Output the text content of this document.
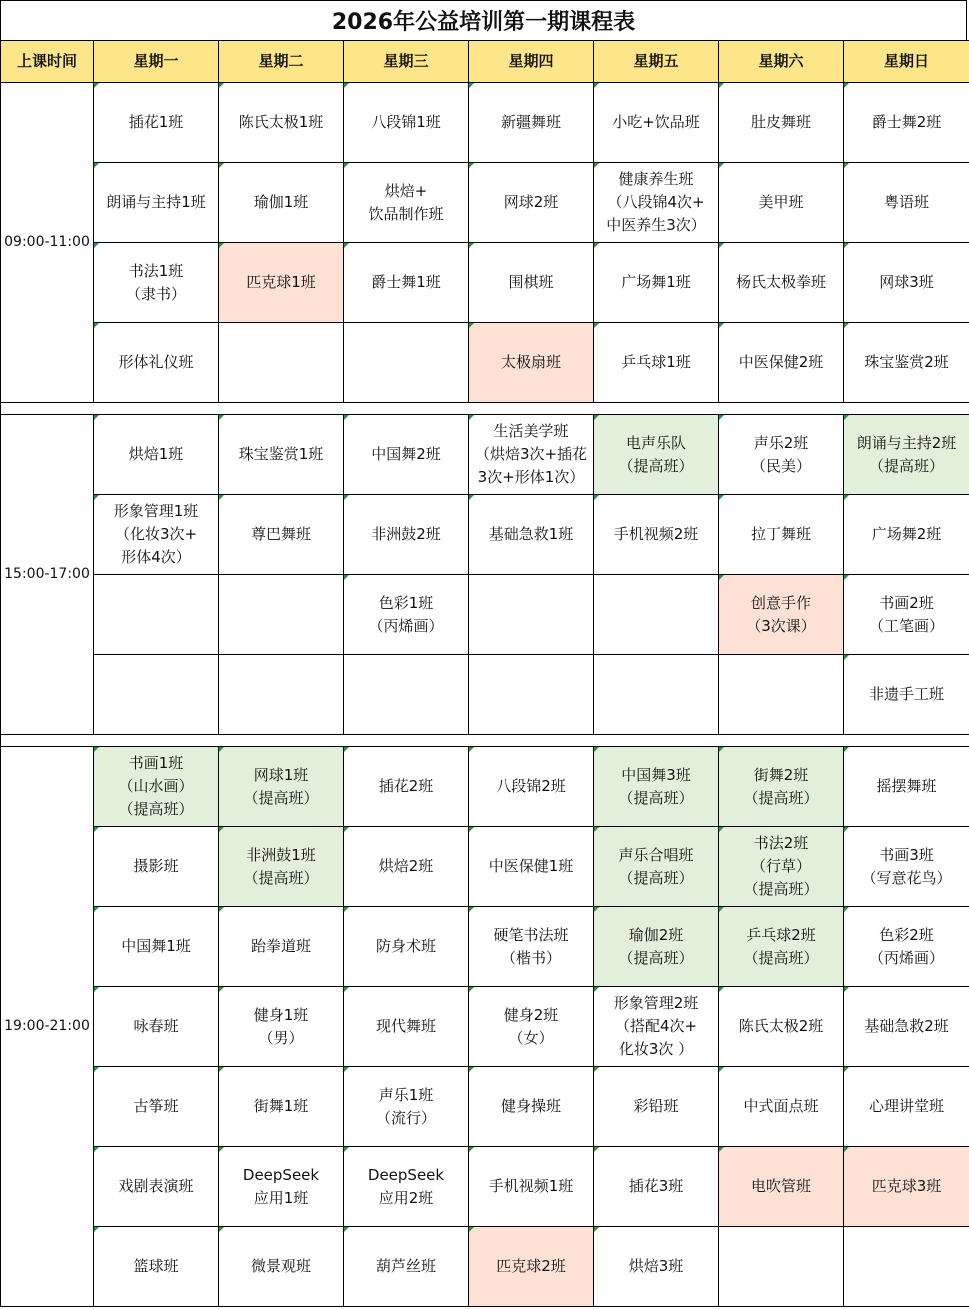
2026年公益培训第一期课程表
上课时间	星期一	星期二	星期三	星期四	星期五	星期六	星期日
09:00-11:00	插花1班	陈氏太极1班	八段锦1班	新疆舞班	小吃+饮品班	肚皮舞班	爵士舞2班

	朗诵与主持1班	瑜伽1班	烘焙+
饮品制作班	网球2班	健康养生班
（八段锦4次+
中医养生3次）	美甲班	粤语班

	书法1班
（隶书）	匹克球1班	爵士舞1班	围棋班	广场舞1班	杨氏太极拳班	网球3班

	形体礼仪班			太极扇班	乒乓球1班	中医保健2班	珠宝鉴赏2班

15:00-17:00	烘焙1班	珠宝鉴赏1班	中国舞2班	生活美学班
（烘焙3次+插花
3次+形体1次）	电声乐队
（提高班）	声乐2班
（民美）	朗诵与主持2班
（提高班）

	形象管理1班
（化妆3次+
形体4次）	尊巴舞班	非洲鼓2班	基础急救1班	手机视频2班	拉丁舞班	广场舞2班

			色彩1班
（丙烯画）			创意手作
（3次课）	书画2班
（工笔画）

							非遗手工班

19:00-21:00	书画1班
（山水画）
（提高班）	网球1班
（提高班）	插花2班	八段锦2班	中国舞3班
（提高班）	街舞2班
（提高班）	摇摆舞班

	摄影班	非洲鼓1班
（提高班）	烘焙2班	中医保健1班	声乐合唱班
（提高班）	书法2班
（行草）
（提高班）	书画3班
（写意花鸟）

	中国舞1班	跆拳道班	防身术班	硬笔书法班
（楷书）	瑜伽2班
（提高班）	乒乓球2班
（提高班）	色彩2班
（丙烯画）

	咏春班	健身1班
（男）	现代舞班	健身2班
（女）	形象管理2班
（搭配4次+
化妆3次 ）	陈氏太极2班	基础急救2班

	古筝班	街舞1班	声乐1班
（流行）	健身操班	彩铅班	中式面点班	心理讲堂班

	戏剧表演班	DeepSeek
应用1班	DeepSeek
应用2班	手机视频1班	插花3班	电吹管班	匹克球3班

	篮球班	微景观班	葫芦丝班	匹克球2班	烘焙3班		
